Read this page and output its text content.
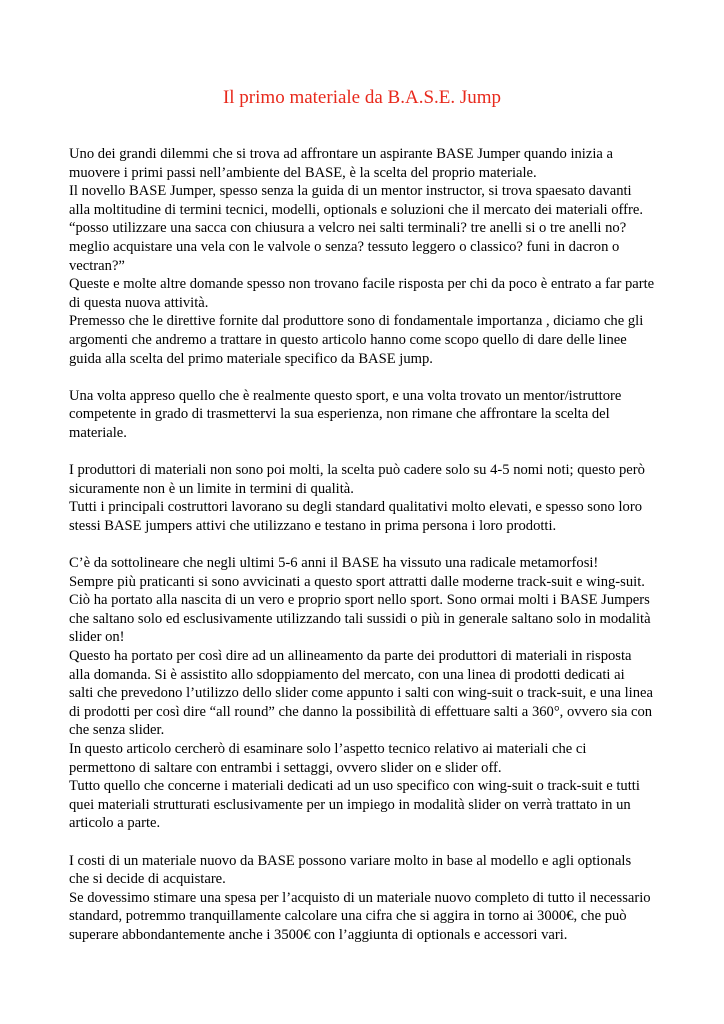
Il primo materiale da B.A.S.E. Jump
Uno dei grandi dilemmi che si trova ad affrontare un aspirante BASE Jumper quando inizia a
muovere i primi passi nell’ambiente del BASE, è la scelta del proprio materiale.
Il novello BASE Jumper, spesso senza la guida di un mentor instructor, si trova spaesato davanti
alla moltitudine di termini tecnici, modelli, optionals e soluzioni che il mercato dei materiali offre.
“posso utilizzare una sacca con chiusura a velcro nei salti terminali? tre anelli si o tre anelli no?
meglio acquistare una vela con le valvole o senza? tessuto leggero o classico? funi in dacron o
vectran?”
Queste e molte altre domande spesso non trovano facile risposta per chi da poco è entrato a far parte
di questa nuova attività.
Premesso che le direttive fornite dal produttore sono di fondamentale importanza , diciamo che gli
argomenti che andremo a trattare in questo articolo hanno come scopo quello di dare delle linee
guida alla scelta del primo materiale specifico da BASE jump.
Una volta appreso quello che è realmente questo sport, e una volta trovato un mentor/istruttore
competente in grado di trasmettervi la sua esperienza, non rimane che affrontare la scelta del
materiale.
I produttori di materiali non sono poi molti, la scelta può cadere solo su 4-5 nomi noti; questo però
sicuramente non è un limite in termini di qualità.
Tutti i principali costruttori lavorano su degli standard qualitativi molto elevati, e spesso sono loro
stessi BASE jumpers attivi che utilizzano e testano in prima persona i loro prodotti.
C’è da sottolineare che negli ultimi 5-6 anni il BASE ha vissuto una radicale metamorfosi!
Sempre più praticanti si sono avvicinati a questo sport attratti dalle moderne track-suit e wing-suit.
Ciò ha portato alla nascita di un vero e proprio sport nello sport. Sono ormai molti i BASE Jumpers
che saltano solo ed esclusivamente utilizzando tali sussidi o più in generale saltano solo in modalità
slider on!
Questo ha portato per così dire ad un allineamento da parte dei produttori di materiali in risposta
alla domanda. Si è assistito allo sdoppiamento del mercato, con una linea di prodotti dedicati ai
salti che prevedono l’utilizzo dello slider come appunto i salti con wing-suit o track-suit, e una linea
di prodotti per così dire “all round” che danno la possibilità di effettuare salti a 360°, ovvero sia con
che senza slider.
In questo articolo cercherò di esaminare solo l’aspetto tecnico relativo ai materiali che ci
permettono di saltare con entrambi i settaggi, ovvero slider on e slider off.
Tutto quello che concerne i materiali dedicati ad un uso specifico con wing-suit o track-suit e tutti
quei materiali strutturati esclusivamente per un impiego in modalità slider on verrà trattato in un
articolo a parte.
I costi di un materiale nuovo da BASE possono variare molto in base al modello e agli optionals
che si decide di acquistare.
Se dovessimo stimare una spesa per l’acquisto di un materiale nuovo completo di tutto il necessario
standard, potremmo tranquillamente calcolare una cifra che si aggira in torno ai 3000€, che può
superare abbondantemente anche i 3500€ con l’aggiunta di optionals e accessori vari.
